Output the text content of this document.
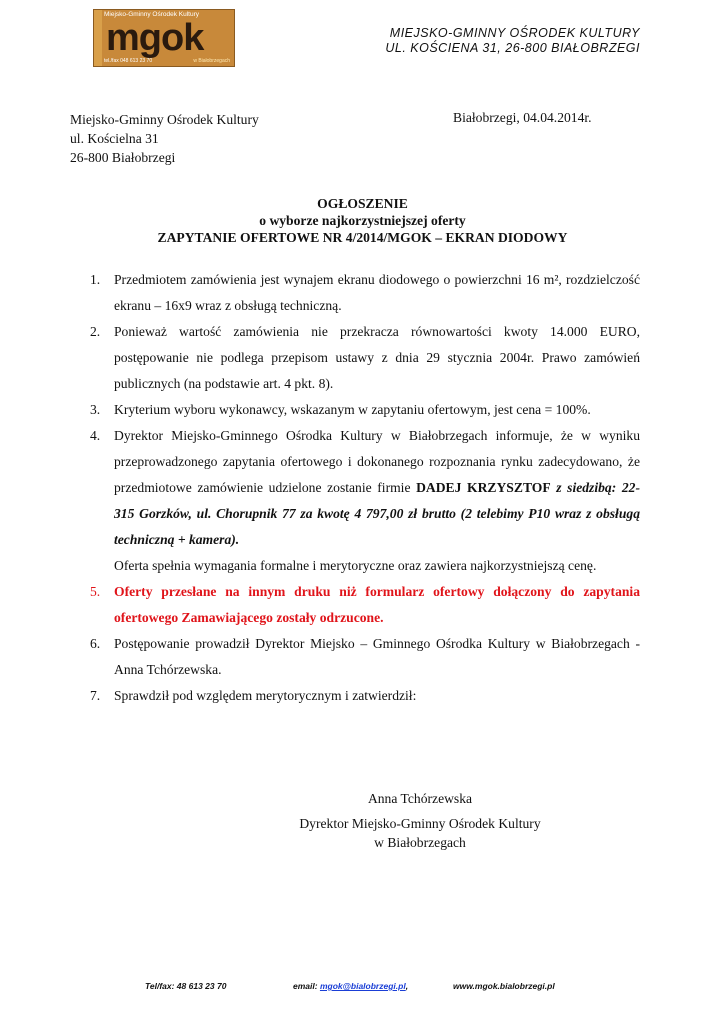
Miejsko-Gminny Ośrodek Kultury
mgok
tel./fax 048 613 23 70	w Białobrzegach
MIEJSKO-GMINNY OŚRODEK KULTURY
UL. KOŚCIENA 31, 26-800 BIAŁOBRZEGI
Miejsko-Gminny Ośrodek Kultury
ul. Kościelna 31
26-800 Białobrzegi
Białobrzegi, 04.04.2014r.
OGŁOSZENIE
o wyborze najkorzystniejszej oferty
ZAPYTANIE OFERTOWE NR 4/2014/MGOK – EKRAN DIODOWY
1. Przedmiotem zamówienia jest wynajem ekranu diodowego o powierzchni 16 m², rozdzielczość ekranu – 16x9 wraz z obsługą techniczną.
2. Ponieważ wartość zamówienia nie przekracza równowartości kwoty 14.000 EURO, postępowanie nie podlega przepisom ustawy z dnia 29 stycznia 2004r. Prawo zamówień publicznych (na podstawie art. 4 pkt. 8).
3. Kryterium wyboru wykonawcy, wskazanym w zapytaniu ofertowym, jest cena = 100%.
4. Dyrektor Miejsko-Gminnego Ośrodka Kultury w Białobrzegach informuje, że w wyniku przeprowadzonego zapytania ofertowego i dokonanego rozpoznania rynku zadecydowano, że przedmiotowe zamówienie udzielone zostanie firmie DADEJ KRZYSZTOF z siedzibą: 22-315 Gorzków, ul. Chorupnik 77 za kwotę 4 797,00 zł brutto (2 telebimy P10 wraz z obsługą techniczną + kamera).
Oferta spełnia wymagania formalne i merytoryczne oraz zawiera najkorzystniejszą cenę.
5. Oferty przesłane na innym druku niż formularz ofertowy dołączony do zapytania ofertowego Zamawiającego zostały odrzucone.
6. Postępowanie prowadził Dyrektor Miejsko – Gminnego Ośrodka Kultury w Białobrzegach - Anna Tchórzewska.
7. Sprawdził pod względem merytorycznym i zatwierdził:
Anna Tchórzewska
Dyrektor Miejsko-Gminny Ośrodek Kultury
w Białobrzegach
Tel/fax: 48 613 23 70	email: mgok@bialobrzegi.pl,	www.mgok.bialobrzegi.pl
